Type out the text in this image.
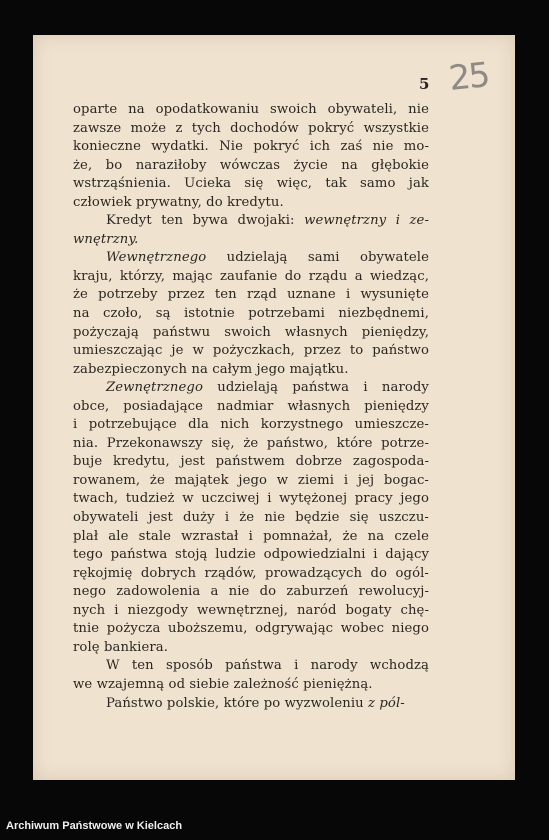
25
5
oparte na opodatkowaniu swoich obywateli, nie
zawsze może z tych dochodów pokryć wszystkie
konieczne wydatki. Nie pokryć ich zaś nie mo-
że, bo naraziłoby wówczas życie na głębokie
wstrząśnienia. Ucieka się więc, tak samo jak
człowiek prywatny, do kredytu.
Kredyt ten bywa dwojaki: wewnętrzny i ze-
wnętrzny.
Wewnętrznego udzielają sami obywatele
kraju, którzy, mając zaufanie do rządu a wiedząc,
że potrzeby przez ten rząd uznane i wysunięte
na czoło, są istotnie potrzebami niezbędnemi,
pożyczają państwu swoich własnych pieniędzy,
umieszczając je w pożyczkach, przez to państwo
zabezpieczonych na całym jego majątku.
Zewnętrznego udzielają państwa i narody
obce, posiadające nadmiar własnych pieniędzy
i potrzebujące dla nich korzystnego umieszcze-
nia. Przekonawszy się, że państwo, które potrze-
buje kredytu, jest państwem dobrze zagospoda-
rowanem, że majątek jego w ziemi i jej bogac-
twach, tudzież w uczciwej i wytężonej pracy jego
obywateli jest duży i że nie będzie się uszczu-
plał ale stale wzrastał i pomnażał, że na czele
tego państwa stoją ludzie odpowiedzialni i dający
rękojmię dobrych rządów, prowadzących do ogól-
nego zadowolenia a nie do zaburzeń rewolucyj-
nych i niezgody wewnętrznej, naród bogaty chę-
tnie pożycza uboższemu, odgrywając wobec niego
rolę bankiera.
W ten sposób państwa i narody wchodzą
we wzajemną od siebie zależność pieniężną.
Państwo polskie, które po wyzwoleniu z pól-
Archiwum Państwowe w Kielcach
